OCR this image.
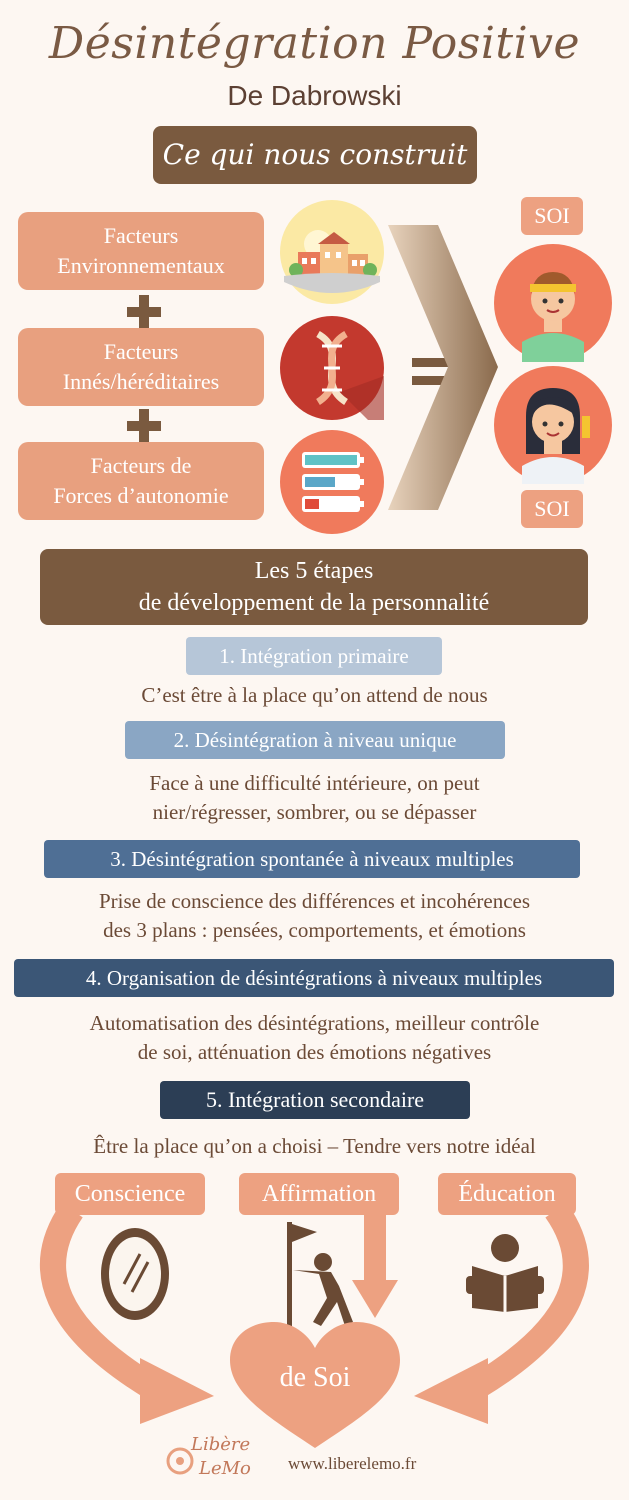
Désintégration Positive
De Dabrowski
Ce qui nous construit
Facteurs
Environnementaux
Facteurs
Innés/héréditaires
Facteurs de
Forces d’autonomie
SOI
SOI
Les 5 étapes
de développement de la personnalité
1. Intégration primaire
C’est être à la place qu’on attend de nous
2. Désintégration à niveau unique
Face à une difficulté intérieure, on peut
nier/régresser, sombrer, ou se dépasser
3. Désintégration spontanée à niveaux multiples
Prise de conscience des différences et incohérences
des 3 plans : pensées, comportements, et émotions
4. Organisation de désintégrations à niveaux multiples
Automatisation des désintégrations, meilleur contrôle
de soi, atténuation des émotions négatives
5. Intégration secondaire
Être la place qu’on a choisi – Tendre vers notre idéal
Conscience	Affirmation	Éducation
de Soi
Libère
LeMo www.liberelemo.fr
